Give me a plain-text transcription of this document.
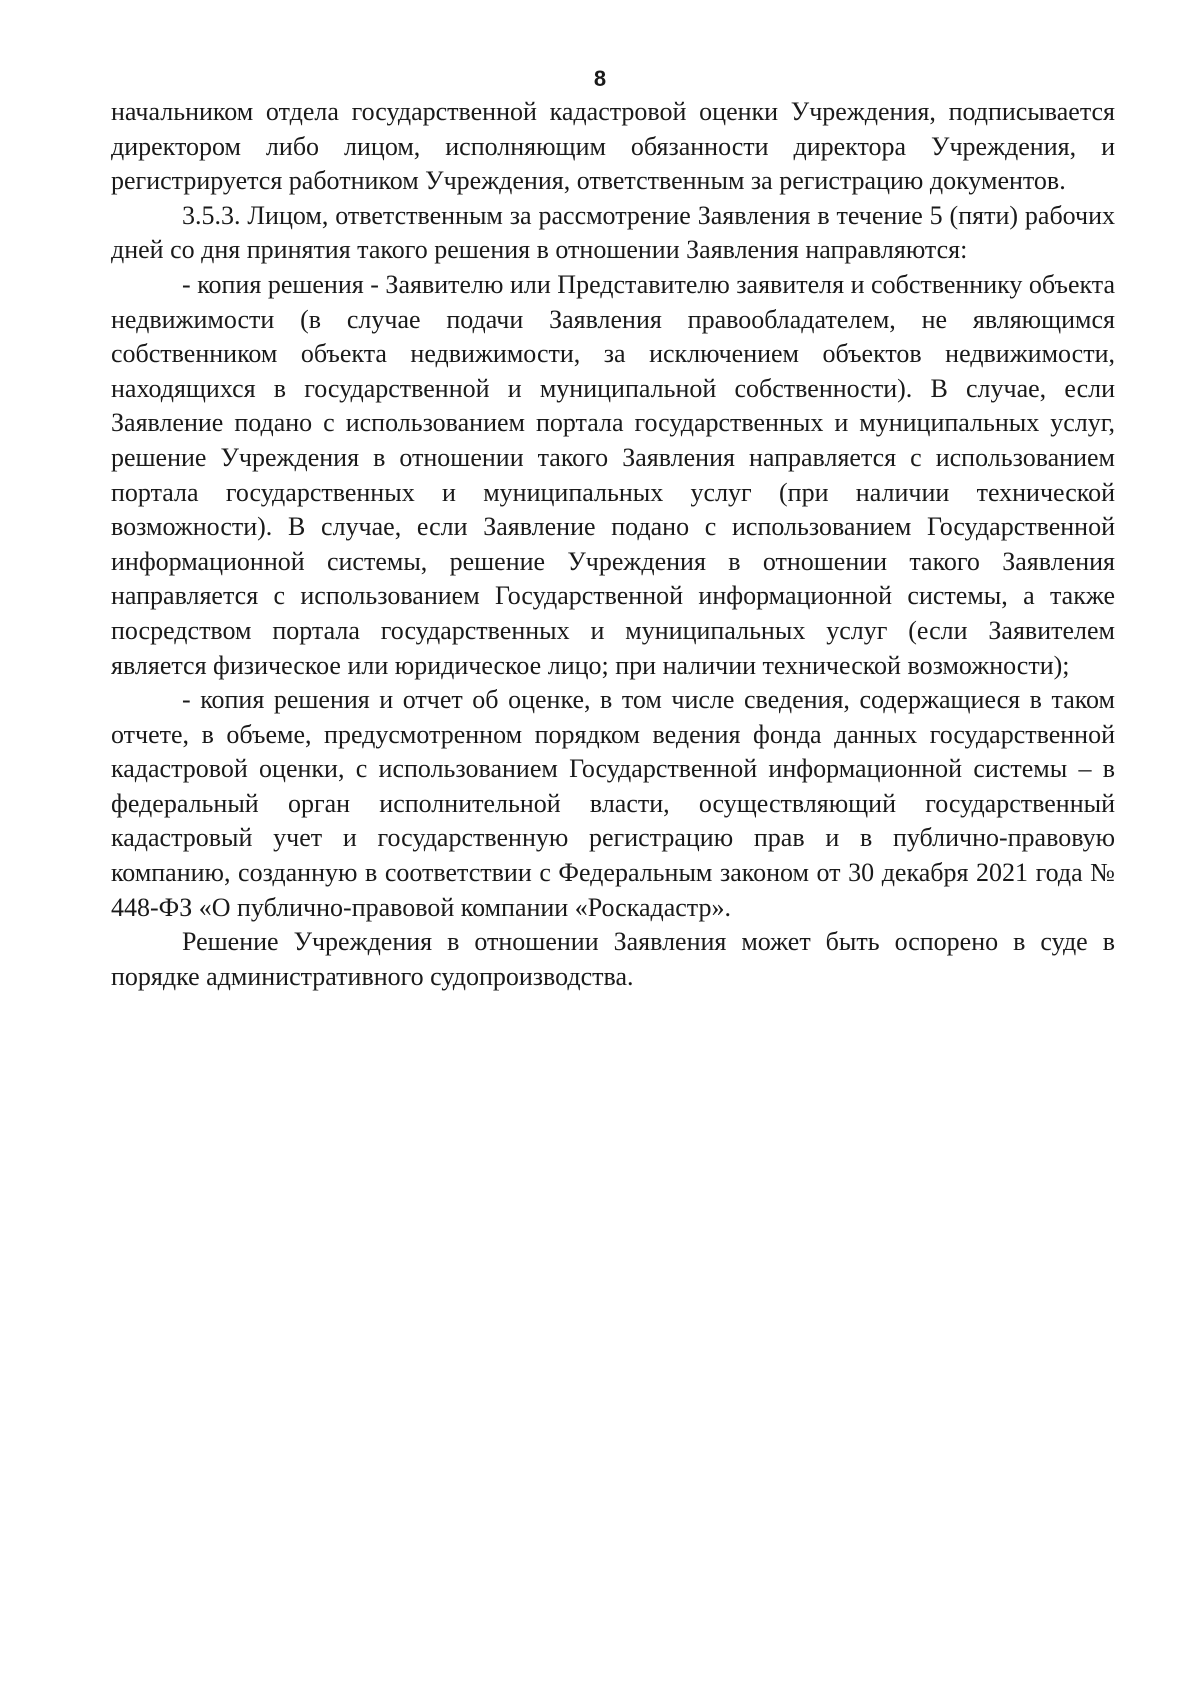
8

начальником отдела государственной кадастровой оценки Учреждения, подписывается директором либо лицом, исполняющим обязанности директора Учреждения, и регистрируется работником Учреждения, ответственным за регистрацию документов.

3.5.3. Лицом, ответственным за рассмотрение Заявления в течение 5 (пяти) рабочих дней со дня принятия такого решения в отношении Заявления направляются:

- копия решения - Заявителю или Представителю заявителя и собственнику объекта недвижимости (в случае подачи Заявления правообладателем, не являющимся собственником объекта недвижимости, за исключением объектов недвижимости, находящихся в государственной и муниципальной собственности). В случае, если Заявление подано с использованием портала государственных и муниципальных услуг, решение Учреждения в отношении такого Заявления направляется с использованием портала государственных и муниципальных услуг (при наличии технической возможности). В случае, если Заявление подано с использованием Государственной информационной системы, решение Учреждения в отношении такого Заявления направляется с использованием Государственной информационной системы, а также посредством портала государственных и муниципальных услуг (если Заявителем является физическое или юридическое лицо; при наличии технической возможности);

- копия решения и отчет об оценке, в том числе сведения, содержащиеся в таком отчете, в объеме, предусмотренном порядком ведения фонда данных государственной кадастровой оценки, с использованием Государственной информационной системы – в федеральный орган исполнительной власти, осуществляющий государственный кадастровый учет и государственную регистрацию прав и в публично-правовую компанию, созданную в соответствии с Федеральным законом от 30 декабря 2021 года № 448-ФЗ «О публично-правовой компании «Роскадастр».

Решение Учреждения в отношении Заявления может быть оспорено в суде в порядке административного судопроизводства.
